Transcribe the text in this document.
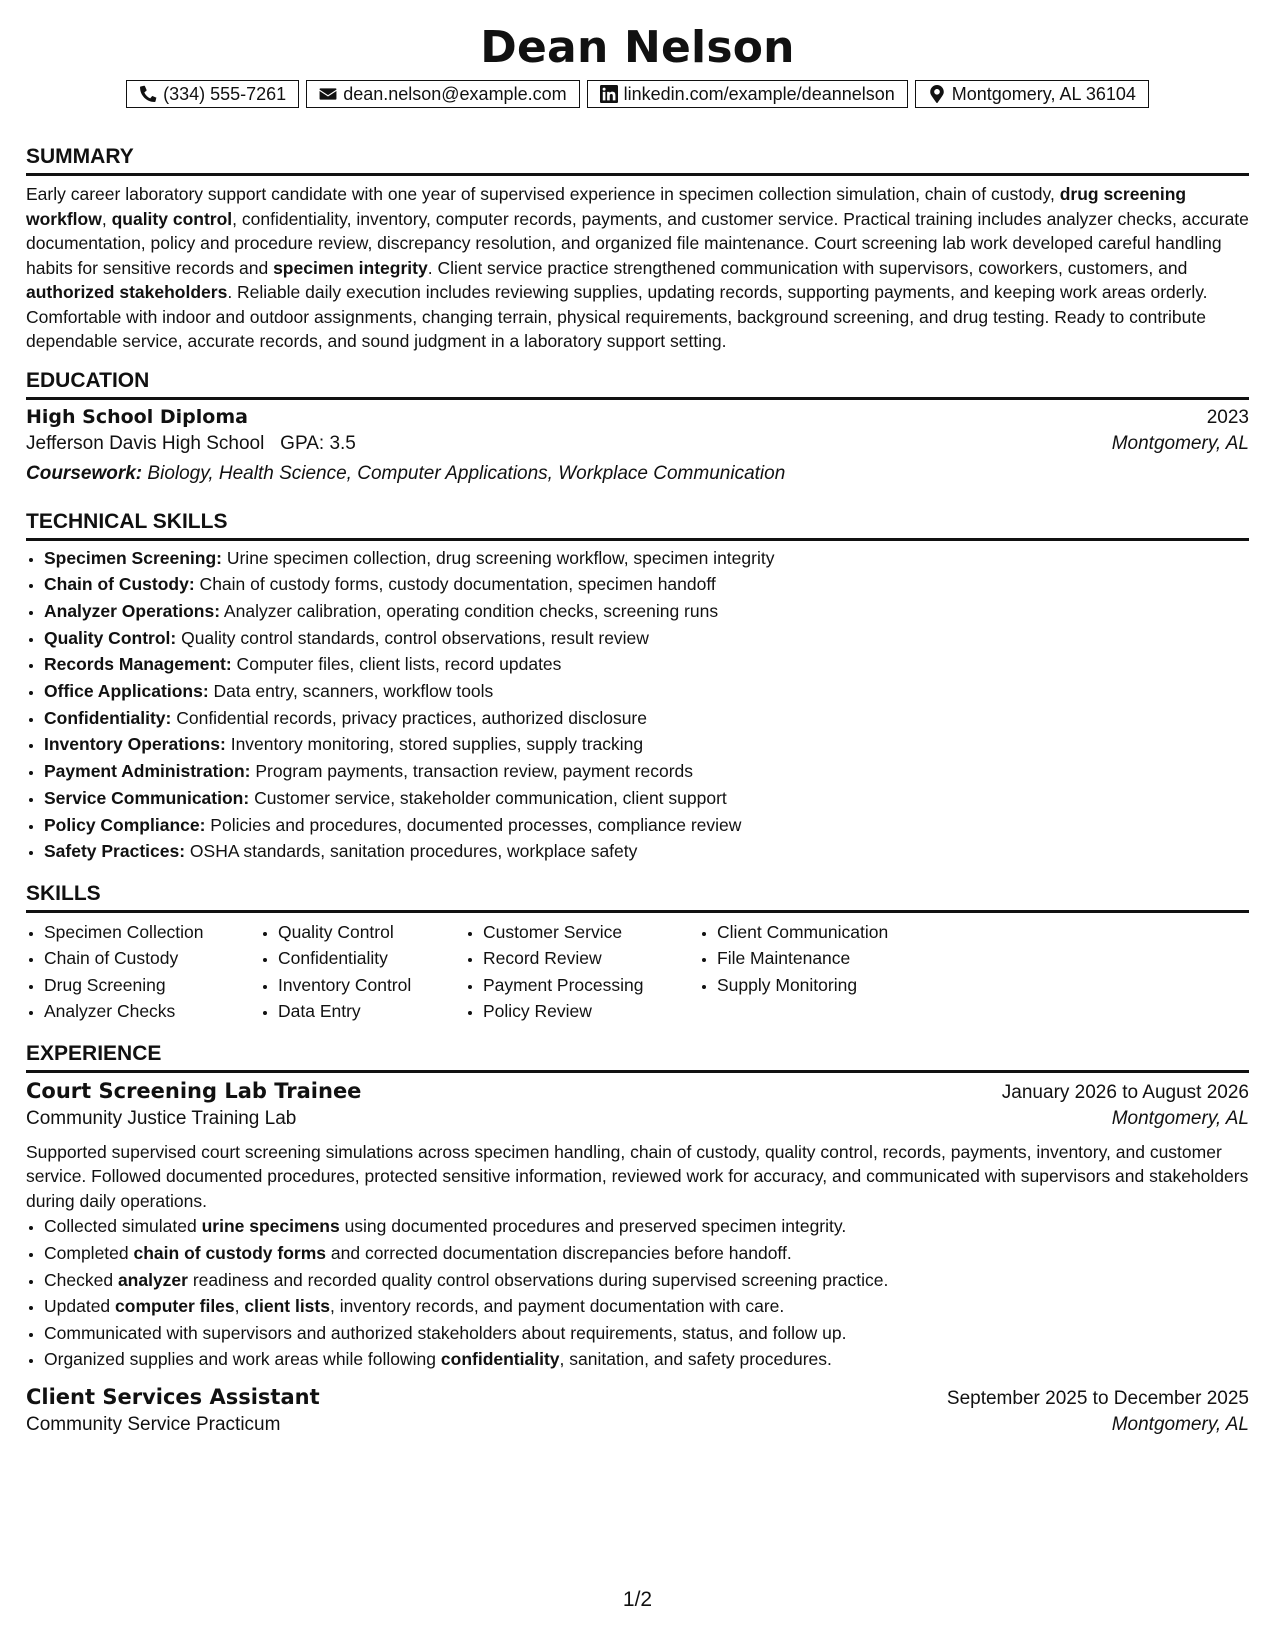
Dean Nelson
(334) 555-7261	dean.nelson@example.com	linkedin.com/example/deannelson	Montgomery, AL 36104
SUMMARY

Early career laboratory support candidate with one year of supervised experience in specimen collection simulation, chain of custody, drug screening workflow, quality control, confidentiality, inventory, computer records, payments, and customer service. Practical training includes analyzer checks, accurate documentation, policy and procedure review, discrepancy resolution, and organized file maintenance. Court screening lab work developed careful handling habits for sensitive records and specimen integrity. Client service practice strengthened communication with supervisors, coworkers, customers, and authorized stakeholders. Reliable daily execution includes reviewing supplies, updating records, supporting payments, and keeping work areas orderly. Comfortable with indoor and outdoor assignments, changing terrain, physical requirements, background screening, and drug testing. Ready to contribute dependable service, accurate records, and sound judgment in a laboratory support setting.

EDUCATION
High School Diploma	2023
Jefferson Davis High School GPA: 3.5	Montgomery, AL
Coursework: Biology, Health Science, Computer Applications, Workplace Communication
TECHNICAL SKILLS
• Specimen Screening: Urine specimen collection, drug screening workflow, specimen integrity
• Chain of Custody: Chain of custody forms, custody documentation, specimen handoff
• Analyzer Operations: Analyzer calibration, operating condition checks, screening runs
• Quality Control: Quality control standards, control observations, result review
• Records Management: Computer files, client lists, record updates
• Office Applications: Data entry, scanners, workflow tools
• Confidentiality: Confidential records, privacy practices, authorized disclosure
• Inventory Operations: Inventory monitoring, stored supplies, supply tracking
• Payment Administration: Program payments, transaction review, payment records
• Service Communication: Customer service, stakeholder communication, client support
• Policy Compliance: Policies and procedures, documented processes, compliance review
• Safety Practices: OSHA standards, sanitation procedures, workplace safety
SKILLS
• Specimen Collection
• Chain of Custody
• Drug Screening
• Analyzer Checks
• Quality Control
• Confidentiality
• Inventory Control
• Data Entry
• Customer Service
• Record Review
• Payment Processing
• Policy Review
• Client Communication
• File Maintenance
• Supply Monitoring
EXPERIENCE
Court Screening Lab Trainee	January 2026 to August 2026
Community Justice Training Lab	Montgomery, AL

Supported supervised court screening simulations across specimen handling, chain of custody, quality control, records, payments, inventory, and customer service. Followed documented procedures, protected sensitive information, reviewed work for accuracy, and communicated with supervisors and stakeholders during daily operations.

• Collected simulated urine specimens using documented procedures and preserved specimen integrity.
• Completed chain of custody forms and corrected documentation discrepancies before handoff.
• Checked analyzer readiness and recorded quality control observations during supervised screening practice.
• Updated computer files, client lists, inventory records, and payment documentation with care.
• Communicated with supervisors and authorized stakeholders about requirements, status, and follow up.
• Organized supplies and work areas while following confidentiality, sanitation, and safety procedures.
Client Services Assistant	September 2025 to December 2025
Community Service Practicum	Montgomery, AL
1/2
